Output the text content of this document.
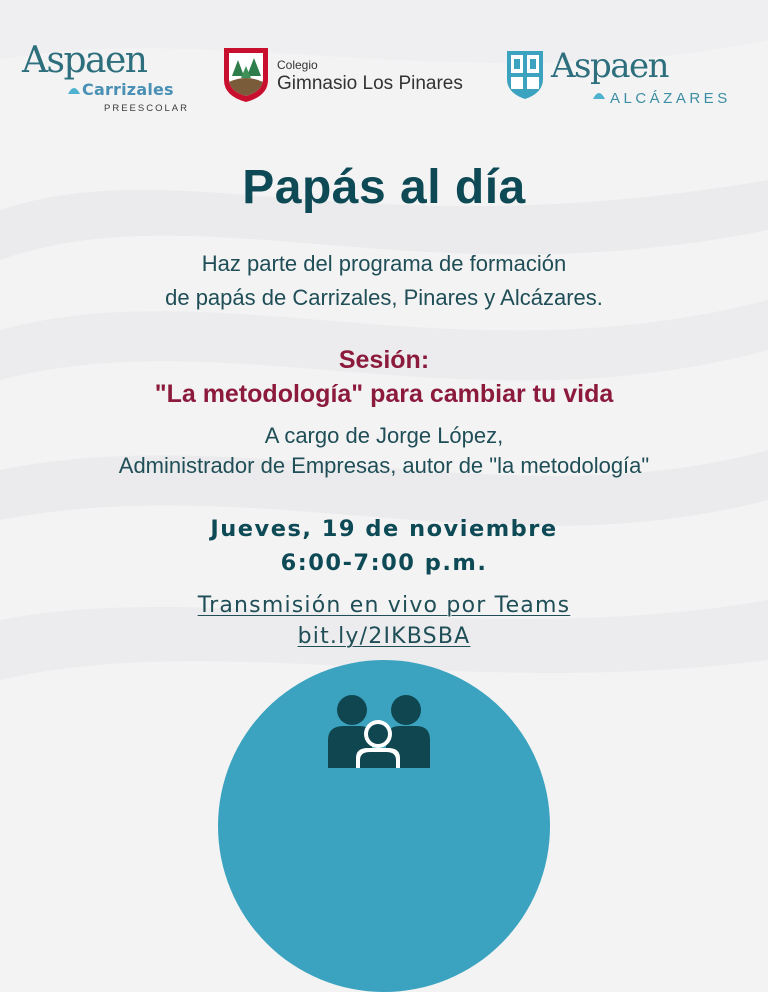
Aspaen
Carrizales
PREESCOLAR
Colegio
Gimnasio Los Pinares	Aspaen
ALCÁZARES
Papás al día
Haz parte del programa de formación
de papás de Carrizales, Pinares y Alcázares.
Sesión:
"La metodología" para cambiar tu vida
A cargo de Jorge López,
Administrador de Empresas, autor de "la metodología"
Jueves, 19 de noviembre
6:00-7:00 p.m.
Transmisión en vivo por Teams
bit.ly/2IKBSBA
